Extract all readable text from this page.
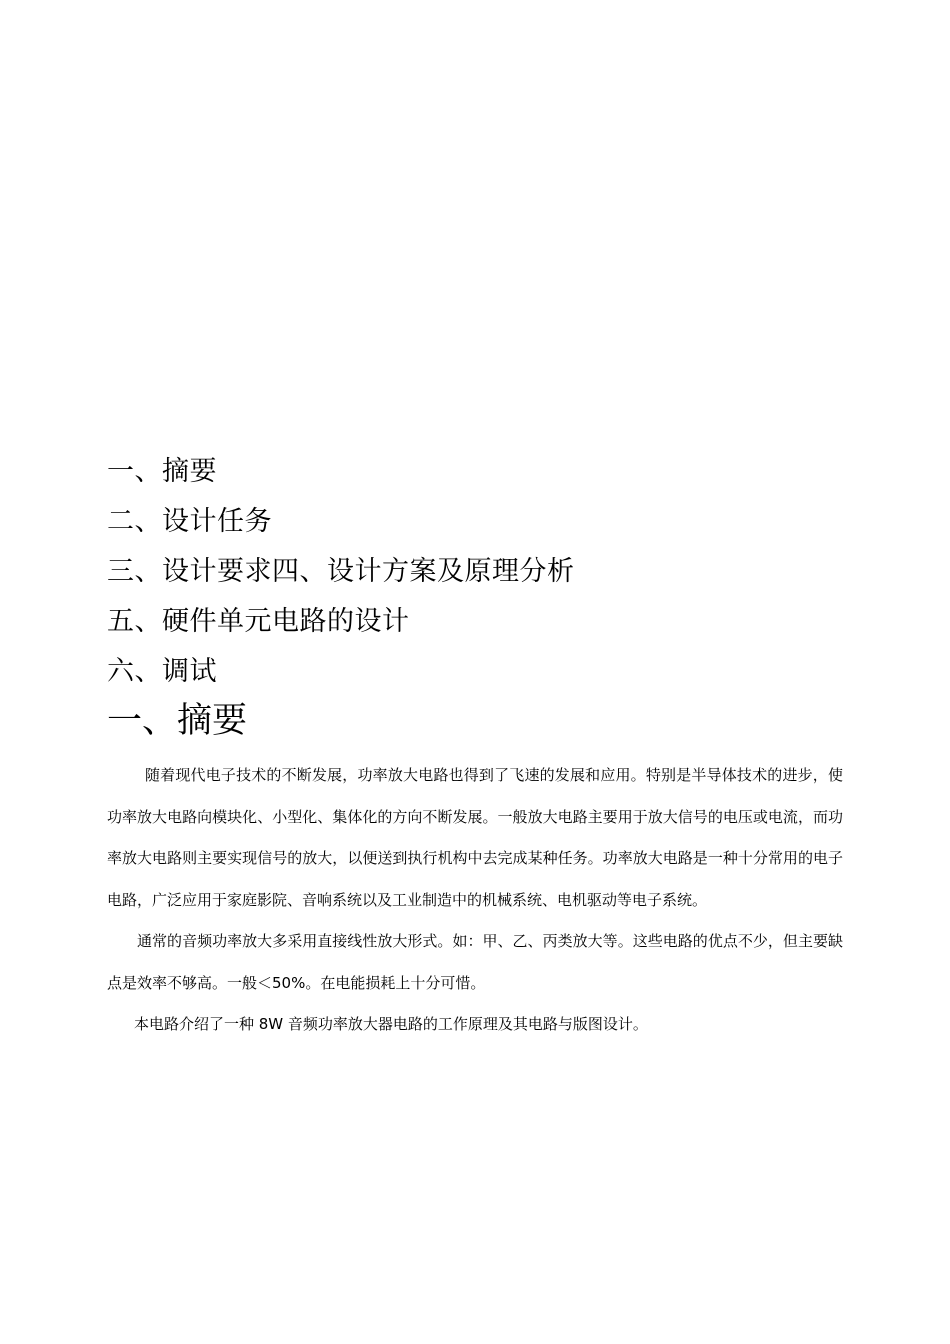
一、摘要
二、设计任务
三、设计要求四、设计方案及原理分析
五、硬件单元电路的设计
六、调试
一、摘要

随着现代电子技术的不断发展，功率放大电路也得到了飞速的发展和应用。特别是半导体技术的进步，使功率放大电路向模块化、小型化、集体化的方向不断发展。一般放大电路主要用于放大信号的电压或电流，而功率放大电路则主要实现信号的放大，以便送到执行机构中去完成某种任务。功率放大电路是一种十分常用的电子电路，广泛应用于家庭影院、音响系统以及工业制造中的机械系统、电机驱动等电子系统。

通常的音频功率放大多采用直接线性放大形式。如：甲、乙、丙类放大等。这些电路的优点不少，但主要缺点是效率不够高。一般＜50%。在电能损耗上十分可惜。

本电路介绍了一种 8W 音频功率放大器电路的工作原理及其电路与版图设计。
